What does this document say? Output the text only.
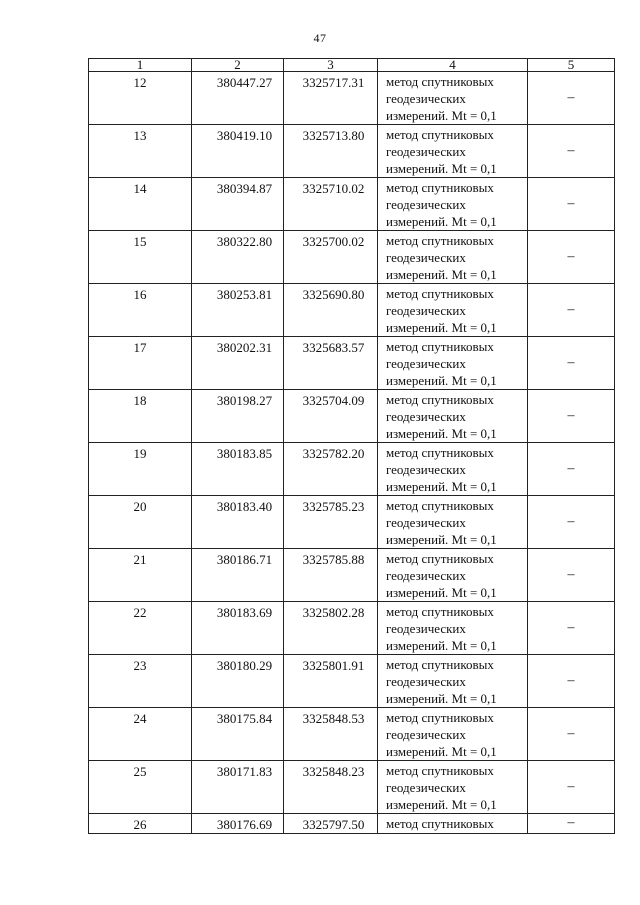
47
1	2	3	4	5
12	380447.27	3325717.31	метод спутниковых
геодезических
измерений. Mt = 0,1	–
13	380419.10	3325713.80	метод спутниковых
геодезических
измерений. Mt = 0,1	–
14	380394.87	3325710.02	метод спутниковых
геодезических
измерений. Mt = 0,1	–
15	380322.80	3325700.02	метод спутниковых
геодезических
измерений. Mt = 0,1	–
16	380253.81	3325690.80	метод спутниковых
геодезических
измерений. Mt = 0,1	–
17	380202.31	3325683.57	метод спутниковых
геодезических
измерений. Mt = 0,1	–
18	380198.27	3325704.09	метод спутниковых
геодезических
измерений. Mt = 0,1	–
19	380183.85	3325782.20	метод спутниковых
геодезических
измерений. Mt = 0,1	–
20	380183.40	3325785.23	метод спутниковых
геодезических
измерений. Mt = 0,1	–
21	380186.71	3325785.88	метод спутниковых
геодезических
измерений. Mt = 0,1	–
22	380183.69	3325802.28	метод спутниковых
геодезических
измерений. Mt = 0,1	–
23	380180.29	3325801.91	метод спутниковых
геодезических
измерений. Mt = 0,1	–
24	380175.84	3325848.53	метод спутниковых
геодезических
измерений. Mt = 0,1	–
25	380171.83	3325848.23	метод спутниковых
геодезических
измерений. Mt = 0,1	–
26	380176.69	3325797.50	метод спутниковых	–
